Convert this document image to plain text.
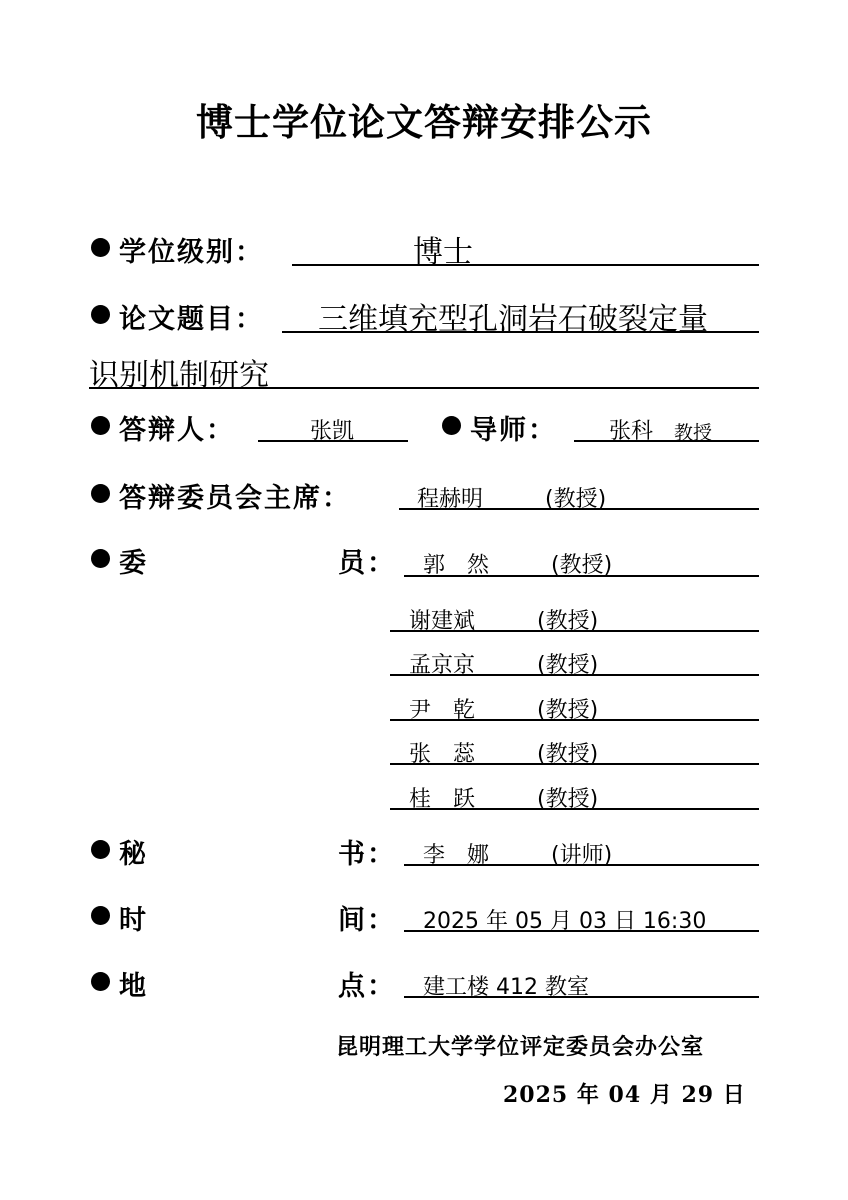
博士学位论文答辩安排公示
学位级别：	博士
论文题目： 三维填充型孔洞岩石破裂定量
识别机制研究
答辩人：	张凯	导师： 张科 教授
答辩委员会主席：	程赫明	(教授)
委	员： 郭　然	(教授)
谢建斌	(教授)
孟京京	(教授)
尹　乾	(教授)
张　蕊	(教授)
桂　跃	(教授)
秘	书： 李　娜	(讲师)
时	间： 2025 年 05 月 03 日 16:30
地	点： 建工楼 412 教室
昆明理工大学学位评定委员会办公室
2025 年 04 月 29 日
